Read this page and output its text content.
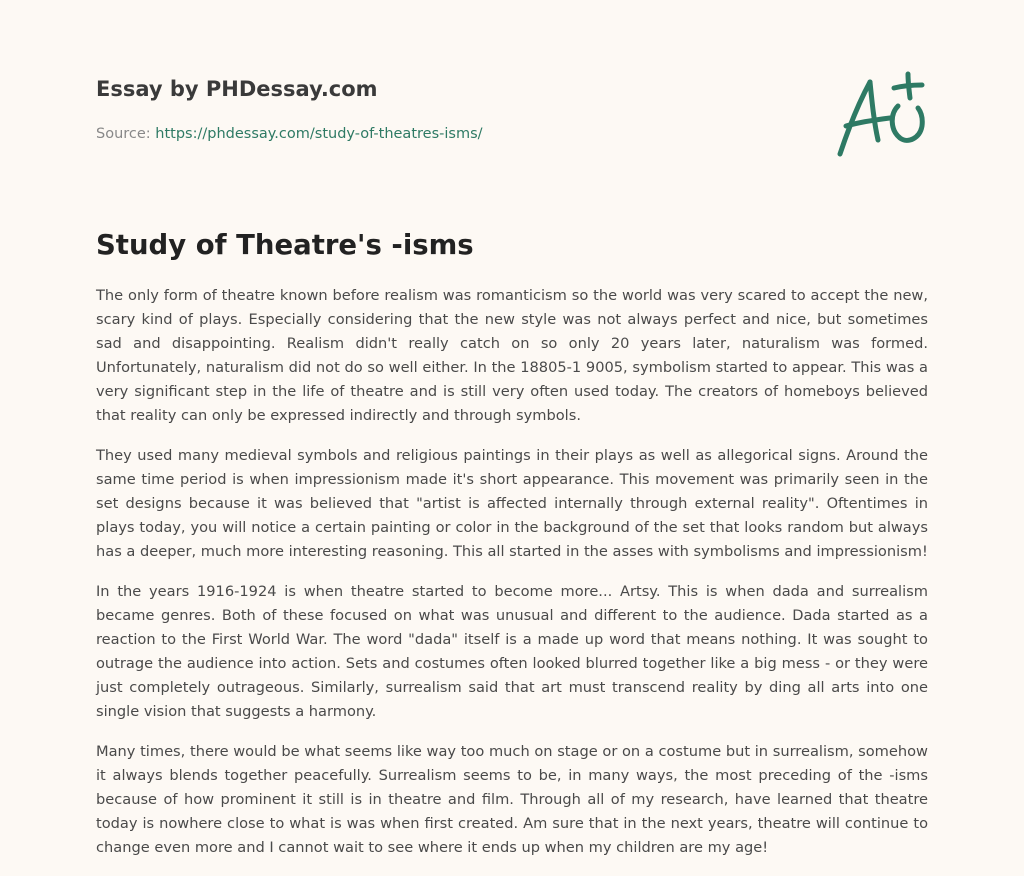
Essay by PHDessay.com
Source: https://phdessay.com/study-of-theatres-isms/
Study of Theatre's -isms

The only form of theatre known before realism was romanticism so the world was very scared to accept the new, scary kind of plays. Especially considering that the new style was not always perfect and nice, but sometimes sad and disappointing. Realism didn't really catch on so only 20 years later, naturalism was formed. Unfortunately, naturalism did not do so well either. In the 18805-1 9005, symbolism started to appear. This was a very significant step in the life of theatre and is still very often used today. The creators of homeboys believed that reality can only be expressed indirectly and through symbols.

They used many medieval symbols and religious paintings in their plays as well as allegorical signs. Around the same time period is when impressionism made it's short appearance. This movement was primarily seen in the set designs because it was believed that "artist is affected internally through external reality". Oftentimes in plays today, you will notice a certain painting or color in the background of the set that looks random but always has a deeper, much more interesting reasoning. This all started in the asses with symbolisms and impressionism!

In the years 1916-1924 is when theatre started to become more... Artsy. This is when dada and surrealism became genres. Both of these focused on what was unusual and different to the audience. Dada started as a reaction to the First World War. The word "dada" itself is a made up word that means nothing. It was sought to outrage the audience into action. Sets and costumes often looked blurred together like a big mess - or they were just completely outrageous. Similarly, surrealism said that art must transcend reality by ding all arts into one single vision that suggests a harmony.

Many times, there would be what seems like way too much on stage or on a costume but in surrealism, somehow it always blends together peacefully. Surrealism seems to be, in many ways, the most preceding of the -isms because of how prominent it still is in theatre and film. Through all of my research, have learned that theatre today is nowhere close to what is was when first created. Am sure that in the next years, theatre will continue to change even more and I cannot wait to see where it ends up when my children are my age!
